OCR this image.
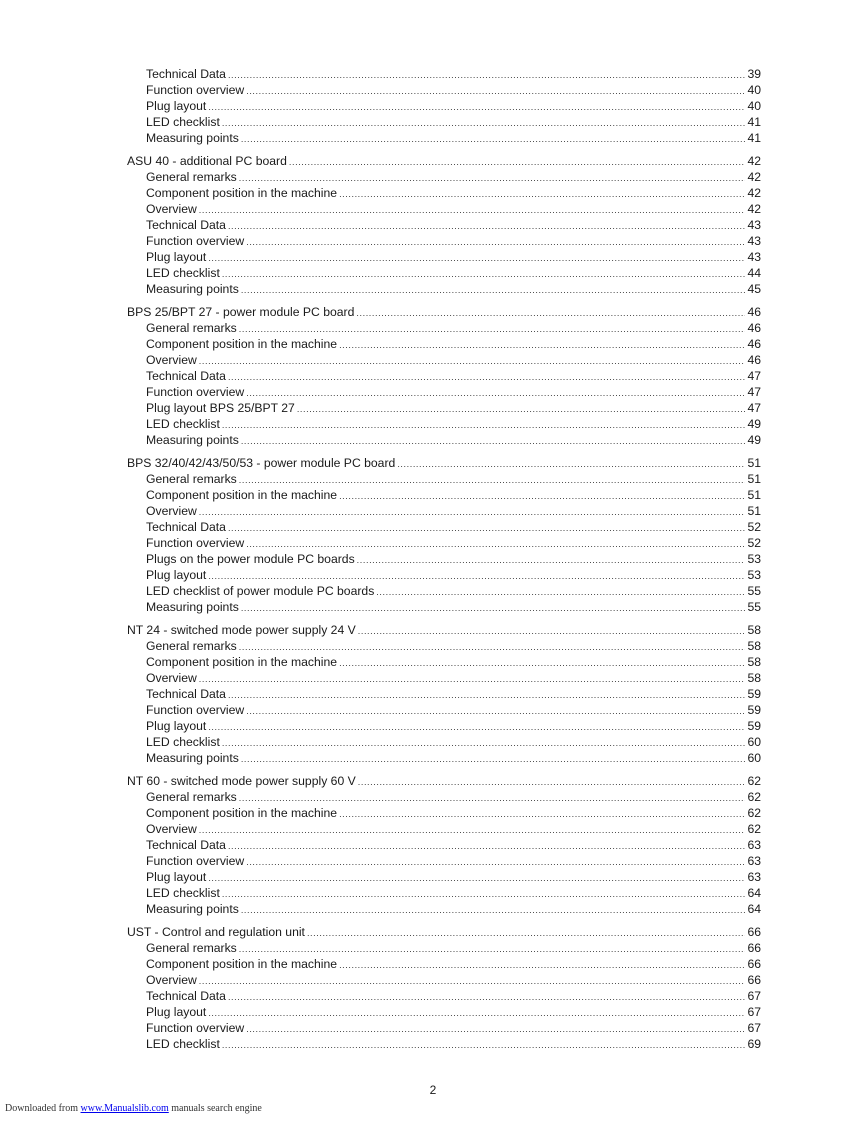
Technical Data .....	39
Function overview .....	40
Plug layout .....	40
LED checklist .....	41
Measuring points .....	41
ASU 40 - additional PC board .....	42
General remarks .....	42
Component position in the machine .....	42
Overview .....	42
Technical Data .....	43
Function overview .....	43
Plug layout .....	43
LED checklist .....	44
Measuring points .....	45
BPS 25/BPT 27 - power module PC board .....	46
General remarks .....	46
Component position in the machine .....	46
Overview .....	46
Technical Data .....	47
Function overview .....	47
Plug layout BPS 25/BPT 27 .....	47
LED checklist .....	49
Measuring points .....	49
BPS 32/40/42/43/50/53 - power module PC board .....	51
General remarks .....	51
Component position in the machine .....	51
Overview .....	51
Technical Data .....	52
Function overview .....	52
Plugs on the power module PC boards .....	53
Plug layout .....	53
LED checklist of power module PC boards .....	55
Measuring points .....	55
NT 24 - switched mode power supply 24 V .....	58
General remarks .....	58
Component position in the machine .....	58
Overview .....	58
Technical Data .....	59
Function overview .....	59
Plug layout .....	59
LED checklist .....	60
Measuring points .....	60
NT 60 - switched mode power supply 60 V .....	62
General remarks .....	62
Component position in the machine .....	62
Overview .....	62
Technical Data .....	63
Function overview .....	63
Plug layout .....	63
LED checklist .....	64
Measuring points .....	64
UST - Control and regulation unit .....	66
General remarks .....	66
Component position in the machine .....	66
Overview .....	66
Technical Data .....	67
Plug layout .....	67
Function overview .....	67
LED checklist .....	69
2
Downloaded from www.Manualslib.com manuals search engine
